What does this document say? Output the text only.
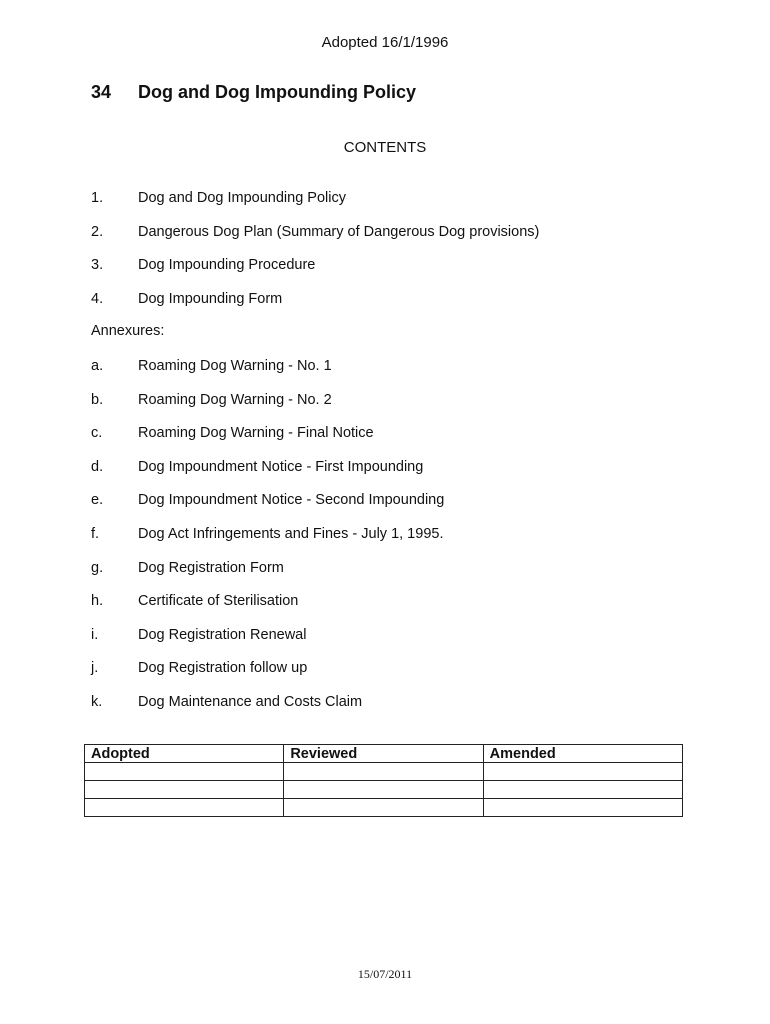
Adopted 16/1/1996
34 Dog and Dog Impounding Policy
CONTENTS
1. Dog and Dog Impounding Policy
2. Dangerous Dog Plan (Summary of Dangerous Dog provisions)
3. Dog Impounding Procedure
4. Dog Impounding Form
Annexures:
a. Roaming Dog Warning - No. 1
b. Roaming Dog Warning - No. 2
c. Roaming Dog Warning - Final Notice
d. Dog Impoundment Notice - First Impounding
e. Dog Impoundment Notice - Second Impounding
f.	Dog Act Infringements and Fines - July 1, 1995.
g. Dog Registration Form
h. Certificate of Sterilisation
i.	Dog Registration Renewal
j.	Dog Registration follow up
k. Dog Maintenance and Costs Claim
Adopted	Reviewed	Amended

15/07/2011
